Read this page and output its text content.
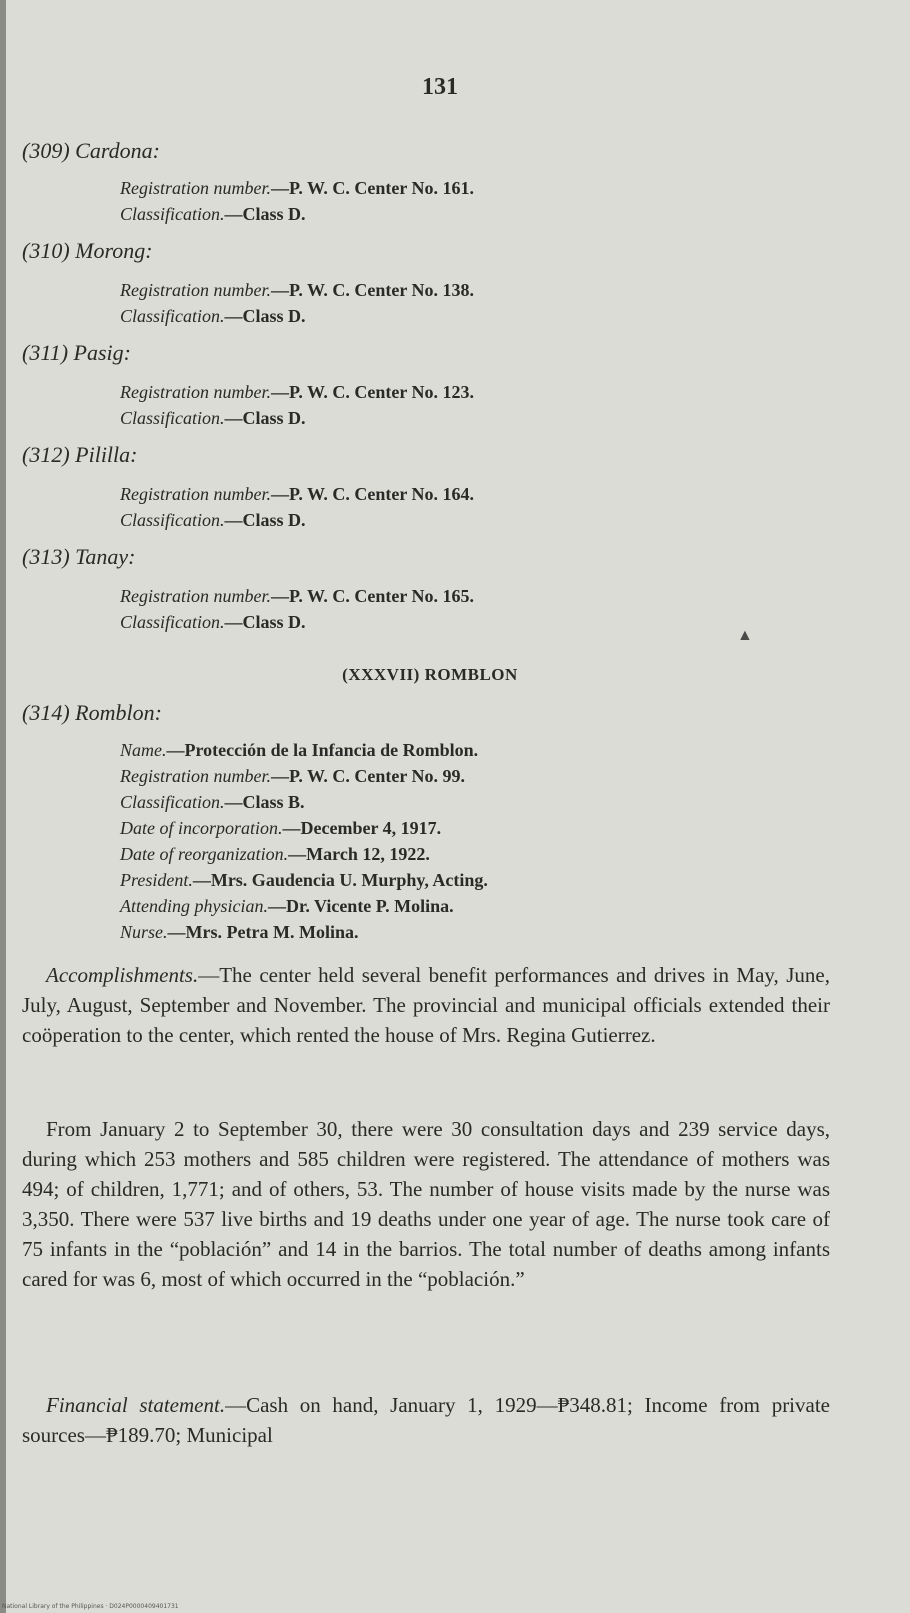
131
(309) Cardona:
Registration number.—P. W. C. Center No. 161.
Classification.—Class D.
(310) Morong:
Registration number.—P. W. C. Center No. 138.
Classification.—Class D.
(311) Pasig:
Registration number.—P. W. C. Center No. 123.
Classification.—Class D.
(312) Pililla:
Registration number.—P. W. C. Center No. 164.
Classification.—Class D.
(313) Tanay:
Registration number.—P. W. C. Center No. 165.
Classification.—Class D.
▲
(XXXVII) ROMBLON
(314) Romblon:
Name.—Protección de la Infancia de Romblon.
Registration number.—P. W. C. Center No. 99.
Classification.—Class B.
Date of incorporation.—December 4, 1917.
Date of reorganization.—March 12, 1922.
President.—Mrs. Gaudencia U. Murphy, Acting.
Attending physician.—Dr. Vicente P. Molina.
Nurse.—Mrs. Petra M. Molina.

Accomplishments.—The center held several benefit performances and drives in May, June, July, August, September and November. The provincial and municipal officials extended their coöperation to the center, which rented the house of Mrs. Regina Gutierrez.

From January 2 to September 30, there were 30 consultation days and 239 service days, during which 253 mothers and 585 children were registered. The attendance of mothers was 494; of children, 1,771; and of others, 53. The number of house visits made by the nurse was 3,350. There were 537 live births and 19 deaths under one year of age. The nurse took care of 75 infants in the “población” and 14 in the barrios. The total number of deaths among infants cared for was 6, most of which occurred in the “población.”

Financial statement.—Cash on hand, January 1, 1929—₱348.81; Income from private sources—₱189.70; Municipal

National Library of the Philippines · D024P0000409401731
